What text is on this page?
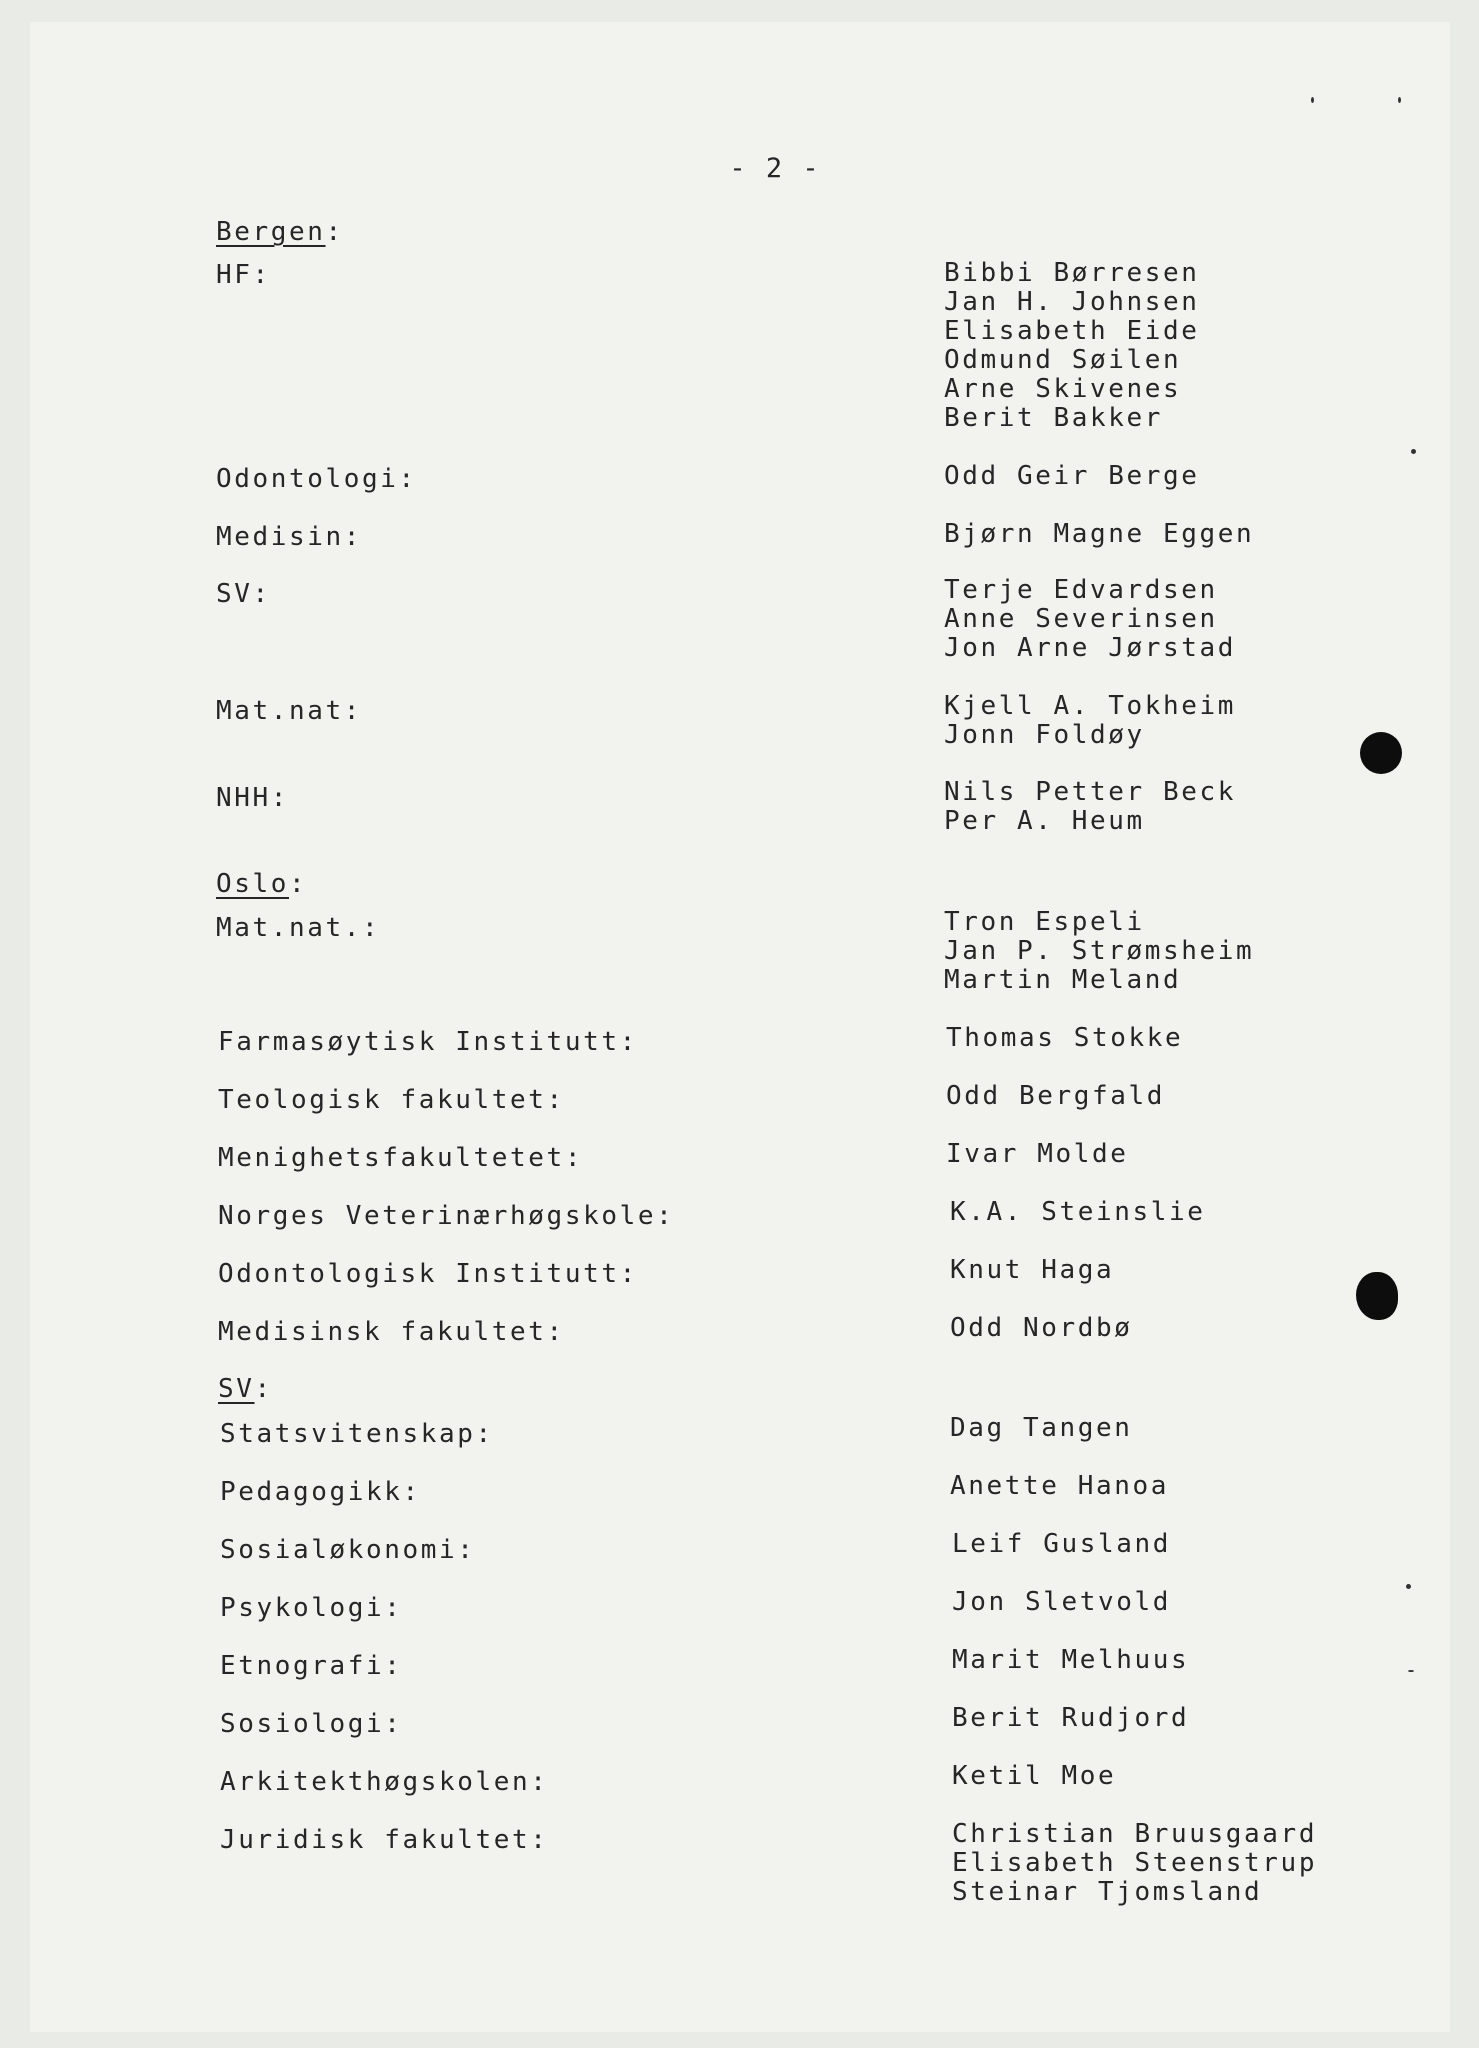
- 2 -
Bergen:
HF:	Bibbi Børresen
Jan H. Johnsen
Elisabeth Eide
Odmund Søilen
Arne Skivenes
Berit Bakker
Odontologi:	Odd Geir Berge
Medisin:	Bjørn Magne Eggen
SV:	Terje Edvardsen
Anne Severinsen
Jon Arne Jørstad
Mat.nat:	Kjell A. Tokheim
Jonn Foldøy
NHH:	Nils Petter Beck
Per A. Heum
Oslo:
Mat.nat.:	Tron Espeli
Jan P. Strømsheim
Martin Meland
Farmasøytisk Institutt:	Thomas Stokke
Teologisk fakultet:	Odd Bergfald
Menighetsfakultetet:	Ivar Molde
Norges Veterinærhøgskole:	K.A. Steinslie
Odontologisk Institutt:	Knut Haga
Medisinsk fakultet:	Odd Nordbø
SV:
Statsvitenskap:	Dag Tangen
Pedagogikk:	Anette Hanoa
Sosialøkonomi:	Leif Gusland
Psykologi:	Jon Sletvold
Etnografi:	Marit Melhuus
Sosiologi:	Berit Rudjord
Arkitekthøgskolen:	Ketil Moe
Juridisk fakultet:	Christian Bruusgaard
Elisabeth Steenstrup
Steinar Tjomsland
